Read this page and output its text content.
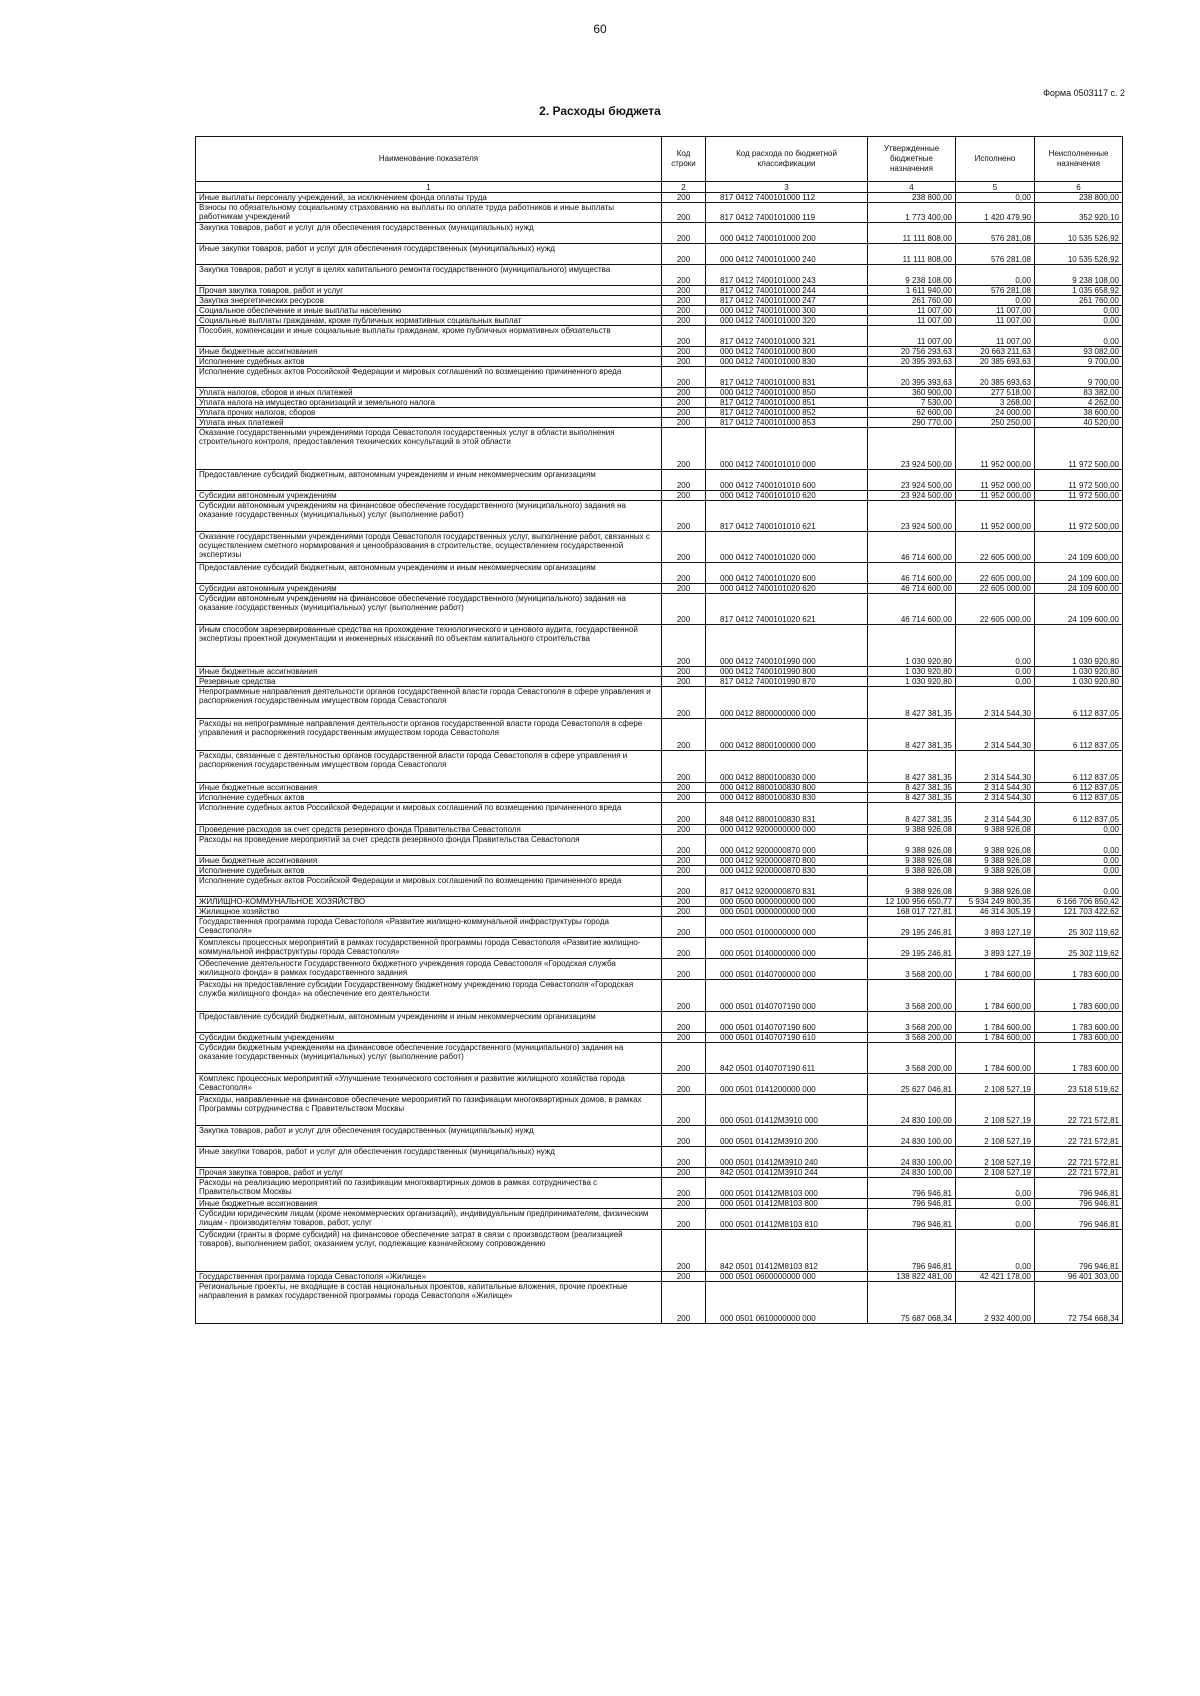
60
Форма 0503117 с. 2
2. Расходы бюджета
Наименование показателя	Код строки	Код расхода по бюджетной классификации	Утвержденные бюджетные назначения	Исполнено	Неисполненные назначения
1	2	3	4	5	6
Иные выплаты персоналу учреждений, за исключением фонда оплаты труда	200	817 0412 7400101000 112	238 800,00	0,00	238 800,00
Взносы по обязательному социальному страхованию на выплаты по оплате труда работников и иные выплаты работникам учреждений	200	817 0412 7400101000 119	1 773 400,00	1 420 479,90	352 920,10
Закупка товаров, работ и услуг для обеспечения государственных (муниципальных) нужд	200	000 0412 7400101000 200	11 111 808,00	576 281,08	10 535 526,92
Иные закупки товаров, работ и услуг для обеспечения государственных (муниципальных) нужд	200	000 0412 7400101000 240	11 111 808,00	576 281,08	10 535 526,92
Закупка товаров, работ и услуг в целях капитального ремонта государственного (муниципального) имущества	200	817 0412 7400101000 243	9 238 108,00	0,00	9 238 108,00
Прочая закупка товаров, работ и услуг	200	817 0412 7400101000 244	1 611 940,00	576 281,08	1 035 658,92
Закупка энергетических ресурсов	200	817 0412 7400101000 247	261 760,00	0,00	261 760,00
Социальное обеспечение и иные выплаты населению	200	000 0412 7400101000 300	11 007,00	11 007,00	0,00
Социальные выплаты гражданам, кроме публичных нормативных социальных выплат	200	000 0412 7400101000 320	11 007,00	11 007,00	0,00
Пособия, компенсации и иные социальные выплаты гражданам, кроме публичных нормативных обязательств	200	817 0412 7400101000 321	11 007,00	11 007,00	0,00
Иные бюджетные ассигнования	200	000 0412 7400101000 800	20 756 293,63	20 663 211,63	93 082,00
Исполнение судебных актов	200	000 0412 7400101000 830	20 395 393,63	20 385 693,63	9 700,00
Исполнение судебных актов Российской Федерации и мировых соглашений по возмещению причиненного вреда	200	817 0412 7400101000 831	20 395 393,63	20 385 693,63	9 700,00
Уплата налогов, сборов и иных платежей	200	000 0412 7400101000 850	360 900,00	277 518,00	83 382,00
Уплата налога на имущество организаций и земельного налога	200	817 0412 7400101000 851	7 530,00	3 268,00	4 262,00
Уплата прочих налогов, сборов	200	817 0412 7400101000 852	62 600,00	24 000,00	38 600,00
Уплата иных платежей	200	817 0412 7400101000 853	290 770,00	250 250,00	40 520,00
Оказание государственными учреждениями города Севастополя государственных услуг в области выполнения строительного контроля, предоставления технических консультаций в этой области	200	000 0412 7400101010 000	23 924 500,00	11 952 000,00	11 972 500,00
Предоставление субсидий бюджетным, автономным учреждениям и иным некоммерческим организациям	200	000 0412 7400101010 600	23 924 500,00	11 952 000,00	11 972 500,00
Субсидии автономным учреждениям	200	000 0412 7400101010 620	23 924 500,00	11 952 000,00	11 972 500,00
Субсидии автономным учреждениям на финансовое обеспечение государственного (муниципального) задания на оказание государственных (муниципальных) услуг (выполнение работ)	200	817 0412 7400101010 621	23 924 500,00	11 952 000,00	11 972 500,00
Оказание государственными учреждениями города Севастополя государственных услуг, выполнение работ, связанных с осуществлением сметного нормирования и ценообразования в строительстве, осуществлением государственной экспертизы	200	000 0412 7400101020 000	46 714 600,00	22 605 000,00	24 109 600,00
Предоставление субсидий бюджетным, автономным учреждениям и иным некоммерческим организациям	200	000 0412 7400101020 600	46 714 600,00	22 605 000,00	24 109 600,00
Субсидии автономным учреждениям	200	000 0412 7400101020 620	46 714 600,00	22 605 000,00	24 109 600,00
Субсидии автономным учреждениям на финансовое обеспечение государственного (муниципального) задания на оказание государственных (муниципальных) услуг (выполнение работ)	200	817 0412 7400101020 621	46 714 600,00	22 605 000,00	24 109 600,00
Иным способом зарезервированные средства на прохождение технологического и ценового аудита, государственной экспертизы проектной документации и инженерных изысканий по объектам капитального строительства	200	000 0412 7400101990 000	1 030 920,80	0,00	1 030 920,80
Иные бюджетные ассигнования	200	000 0412 7400101990 800	1 030 920,80	0,00	1 030 920,80
Резервные средства	200	817 0412 7400101990 870	1 030 920,80	0,00	1 030 920,80
Непрограммные направления деятельности органов государственной власти города Севастополя в сфере управления и распоряжения государственным имуществом города Севастополя	200	000 0412 8800000000 000	8 427 381,35	2 314 544,30	6 112 837,05
Расходы на непрограммные направления деятельности органов государственной власти города Севастополя в сфере управления и распоряжения государственным имуществом города Севастополя	200	000 0412 8800100000 000	8 427 381,35	2 314 544,30	6 112 837,05
Расходы, связанные с деятельностью органов государственной власти города Севастополя в сфере управления и распоряжения государственным имуществом города Севастополя	200	000 0412 8800100830 000	8 427 381,35	2 314 544,30	6 112 837,05
Иные бюджетные ассигнования	200	000 0412 8800100830 800	8 427 381,35	2 314 544,30	6 112 837,05
Исполнение судебных актов	200	000 0412 8800100830 830	8 427 381,35	2 314 544,30	6 112 837,05
Исполнение судебных актов Российской Федерации и мировых соглашений по возмещению причиненного вреда	200	848 0412 8800100830 831	8 427 381,35	2 314 544,30	6 112 837,05
Проведение расходов за счет средств резервного фонда Правительства Севастополя	200	000 0412 9200000000 000	9 388 926,08	9 388 926,08	0,00
Расходы на проведение мероприятий за счет средств резервного фонда Правительства Севастополя	200	000 0412 9200000870 000	9 388 926,08	9 388 926,08	0,00
Иные бюджетные ассигнования	200	000 0412 9200000870 800	9 388 926,08	9 388 926,08	0,00
Исполнение судебных актов	200	000 0412 9200000870 830	9 388 926,08	9 388 926,08	0,00
Исполнение судебных актов Российской Федерации и мировых соглашений по возмещению причиненного вреда	200	817 0412 9200000870 831	9 388 926,08	9 388 926,08	0,00
ЖИЛИЩНО-КОММУНАЛЬНОЕ ХОЗЯЙСТВО	200	000 0500 0000000000 000	12 100 956 650,77	5 934 249 800,35	6 166 706 850,42
Жилищное хозяйство	200	000 0501 0000000000 000	168 017 727,81	46 314 305,19	121 703 422,62
Государственная программа города Севастополя «Развитие жилищно-коммунальной инфраструктуры города Севастополя»	200	000 0501 0100000000 000	29 195 246,81	3 893 127,19	25 302 119,62
Комплексы процессных мероприятий в рамках государственной программы города Севастополя «Развитие жилищно-коммунальной инфраструктуры города Севастополя»	200	000 0501 0140000000 000	29 195 246,81	3 893 127,19	25 302 119,62
Обеспечение деятельности Государственного бюджетного учреждения города Севастополя «Городская служба жилищного фонда» в рамках государственного задания	200	000 0501 0140700000 000	3 568 200,00	1 784 600,00	1 783 600,00
Расходы на предоставление субсидии Государственному бюджетному учреждению города Севастополя «Городская служба жилищного фонда» на обеспечение его деятельности	200	000 0501 0140707190 000	3 568 200,00	1 784 600,00	1 783 600,00
Предоставление субсидий бюджетным, автономным учреждениям и иным некоммерческим организациям	200	000 0501 0140707190 600	3 568 200,00	1 784 600,00	1 783 600,00
Субсидии бюджетным учреждениям	200	000 0501 0140707190 610	3 568 200,00	1 784 600,00	1 783 600,00
Субсидии бюджетным учреждениям на финансовое обеспечение государственного (муниципального) задания на оказание государственных (муниципальных) услуг (выполнение работ)	200	842 0501 0140707190 611	3 568 200,00	1 784 600,00	1 783 600,00
Комплекс процессных мероприятий «Улучшение технического состояния и развитие жилищного хозяйства города Севастополя»	200	000 0501 0141200000 000	25 627 046,81	2 108 527,19	23 518 519,62
Расходы, направленные на финансовое обеспечение мероприятий по газификации многоквартирных домов, в рамках Программы сотрудничества с Правительством Москвы	200	000 0501 01412М3910 000	24 830 100,00	2 108 527,19	22 721 572,81
Закупка товаров, работ и услуг для обеспечения государственных (муниципальных) нужд	200	000 0501 01412М3910 200	24 830 100,00	2 108 527,19	22 721 572,81
Иные закупки товаров, работ и услуг для обеспечения государственных (муниципальных) нужд	200	000 0501 01412М3910 240	24 830 100,00	2 108 527,19	22 721 572,81
Прочая закупка товаров, работ и услуг	200	842 0501 01412М3910 244	24 830 100,00	2 108 527,19	22 721 572,81
Расходы на реализацию мероприятий по газификации многоквартирных домов в рамках сотрудничества с Правительством Москвы	200	000 0501 01412М8103 000	796 946,81	0,00	796 946,81
Иные бюджетные ассигнования	200	000 0501 01412М8103 800	796 946,81	0,00	796 946,81
Субсидии юридическим лицам (кроме некоммерческих организаций), индивидуальным предпринимателям, физическим лицам - производителям товаров, работ, услуг	200	000 0501 01412М8103 810	796 946,81	0,00	796 946,81
Субсидии (гранты в форме субсидий) на финансовое обеспечение затрат в связи с производством (реализацией товаров), выполнением работ, оказанием услуг, подлежащие казначейскому сопровождению	200	842 0501 01412М8103 812	796 946,81	0,00	796 946,81
Государственная программа города Севастополя «Жилище»	200	000 0501 0600000000 000	138 822 481,00	42 421 178,00	96 401 303,00
Региональные проекты, не входящие в состав национальных проектов, капитальные вложения, прочие проектные направления в рамках государственной программы города Севастополя «Жилище»	200	000 0501 0610000000 000	75 687 068,34	2 932 400,00	72 754 668,34
